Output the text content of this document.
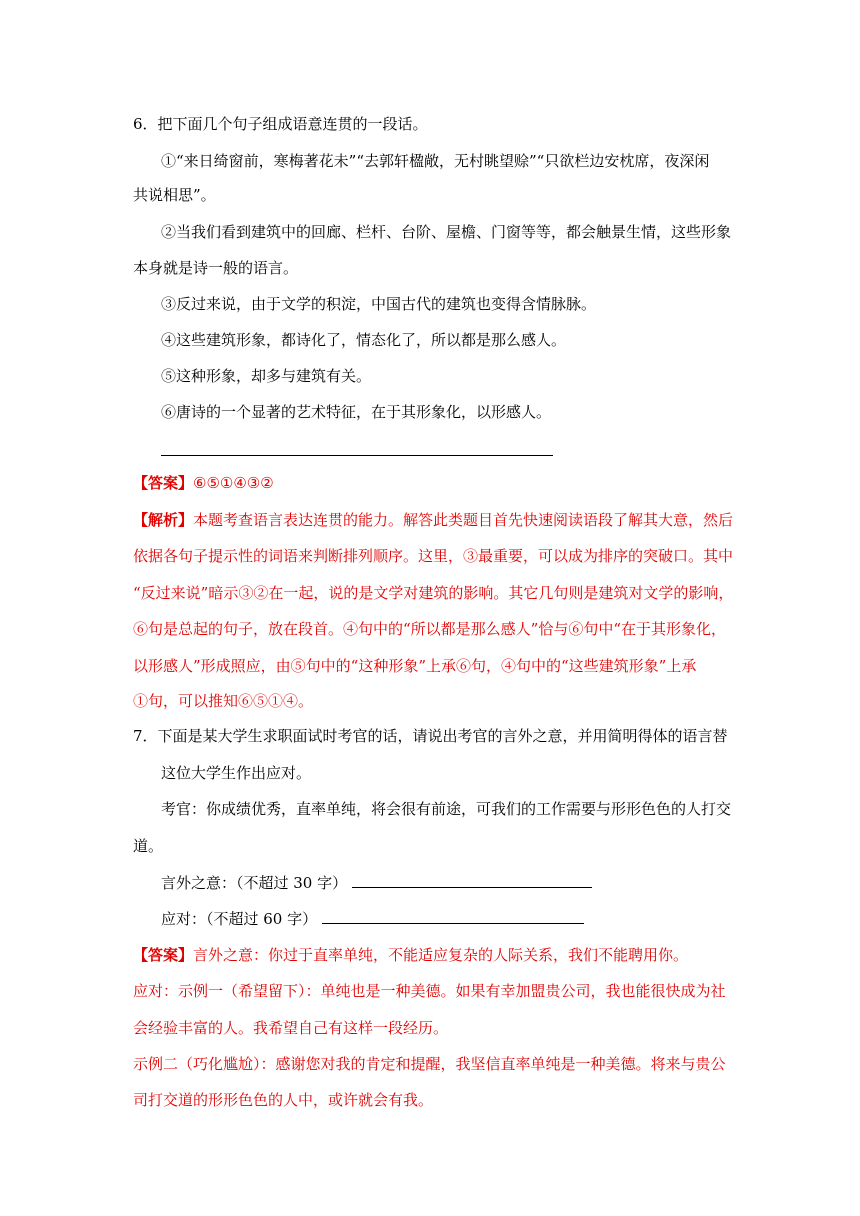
6．把下面几个句子组成语意连贯的一段话。
①“来日绮窗前，寒梅著花未”“去郭轩楹敞，无村眺望赊”“只欲栏边安枕席，夜深闲
共说相思”。
②当我们看到建筑中的回廊、栏杆、台阶、屋檐、门窗等等，都会触景生情，这些形象
本身就是诗一般的语言。
③反过来说，由于文学的积淀，中国古代的建筑也变得含情脉脉。
④这些建筑形象，都诗化了，情态化了，所以都是那么感人。
⑤这种形象，却多与建筑有关。
⑥唐诗的一个显著的艺术特征，在于其形象化，以形感人。
【答案】⑥⑤①④③②
【解析】本题考查语言表达连贯的能力。解答此类题目首先快速阅读语段了解其大意，然后
依据各句子提示性的词语来判断排列顺序。这里，③最重要，可以成为排序的突破口。其中
“反过来说”暗示③②在一起，说的是文学对建筑的影响。其它几句则是建筑对文学的影响，
⑥句是总起的句子，放在段首。④句中的“所以都是那么感人”恰与⑥句中“在于其形象化，
以形感人”形成照应，由⑤句中的“这种形象”上承⑥句，④句中的“这些建筑形象”上承
①句，可以推知⑥⑤①④。
7．下面是某大学生求职面试时考官的话，请说出考官的言外之意，并用简明得体的语言替
这位大学生作出应对。
考官：你成绩优秀，直率单纯，将会很有前途，可我们的工作需要与形形色色的人打交
道。
言外之意：（不超过 30 字）
应对：（不超过 60 字）
【答案】言外之意：你过于直率单纯，不能适应复杂的人际关系，我们不能聘用你。
应对：示例一（希望留下）：单纯也是一种美德。如果有幸加盟贵公司，我也能很快成为社
会经验丰富的人。我希望自己有这样一段经历。
示例二（巧化尴尬）：感谢您对我的肯定和提醒，我坚信直率单纯是一种美德。将来与贵公
司打交道的形形色色的人中，或许就会有我。
